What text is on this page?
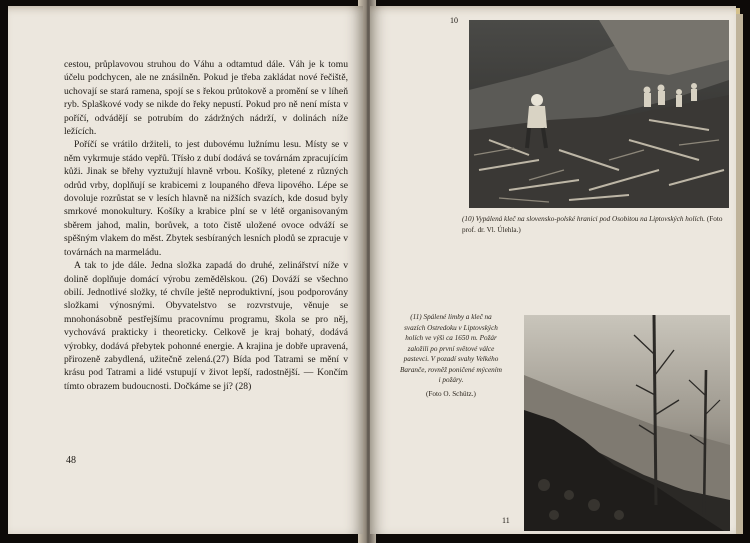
cestou, průplavovou struhou do Váhu a odtamtud dále. Váh je k tomu účelu podchycen, ale ne znásilněn. Pokud je třeba zakládat nové řečiště, uchovají se stará ramena, spojí se s řekou průtokově a promění se v líheň ryb. Splaškové vody se nikde do řeky nepustí. Pokud pro ně není místa v poříčí, odvádějí se potrubím do zádržných nádrží, v dolinách níže ležících.

Poříčí se vrátilo držiteli, to jest dubovému lužnímu lesu. Místy se v něm vykrmuje stádo vepřů. Třísło z dubí dodává se továrnám zpracujícím kůži. Jinak se břehy vyztužují hlavně vrbou. Košíky, pletené z různých odrůd vrby, doplňují se krabicemi z loupaného dřeva lipového. Lépe se dovoluje rozrůstat se v lesích hlavně na nižších svazích, kde dosud byly smrkové monokultury. Košíky a krabice plní se v létě organisovaným sběrem jahod, malin, borůvek, a toto čistě uložené ovoce odváží se spěšným vlakem do měst. Zbytek sesbíraných lesních plodů se zpracuje v továrnách na marmeládu.

A tak to jde dále. Jedna složka zapadá do druhé, zelinářství níže v dolině doplňuje domácí výrobu zemědělskou. (26) Dováží se všechno obilí. Jednotlivé složky, té chvíle ještě neproduktivní, jsou podporovány složkami výnosnými. Obyvatelstvo se rozvrstvuje, věnuje se mnohonásobně pestřejšímu pracovnímu programu, škola se pro něj, vychovává prakticky i theoreticky. Celkově je kraj bohatý, dodává výrobky, dodává přebytek pohonné energie. A krajina je dobře upravená, přirozeně zabydlená, užitečně zelená.(27) Bída pod Tatrami se mění v krásu pod Tatrami a lidé vstupují v život lepší, radostnější. — Končím tímto obrazem budoucnosti. Dočkáme se jí? (28)

48
10
(10) Vypálená kleč na slovensko-polské hranici pod Osobitou na Liptovských holích. (Foto prof. dr. Vl. Úlehla.)
(11) Spálené limby a kleč na svazích Ostredoku v Liptovských holích ve výši ca 1650 m. Požár založili po první světové válce pastevci. V pozadí svahy Velkého Baranče, rovněž poničené mýcením i požáry.
(Foto O. Schütz.)
11
